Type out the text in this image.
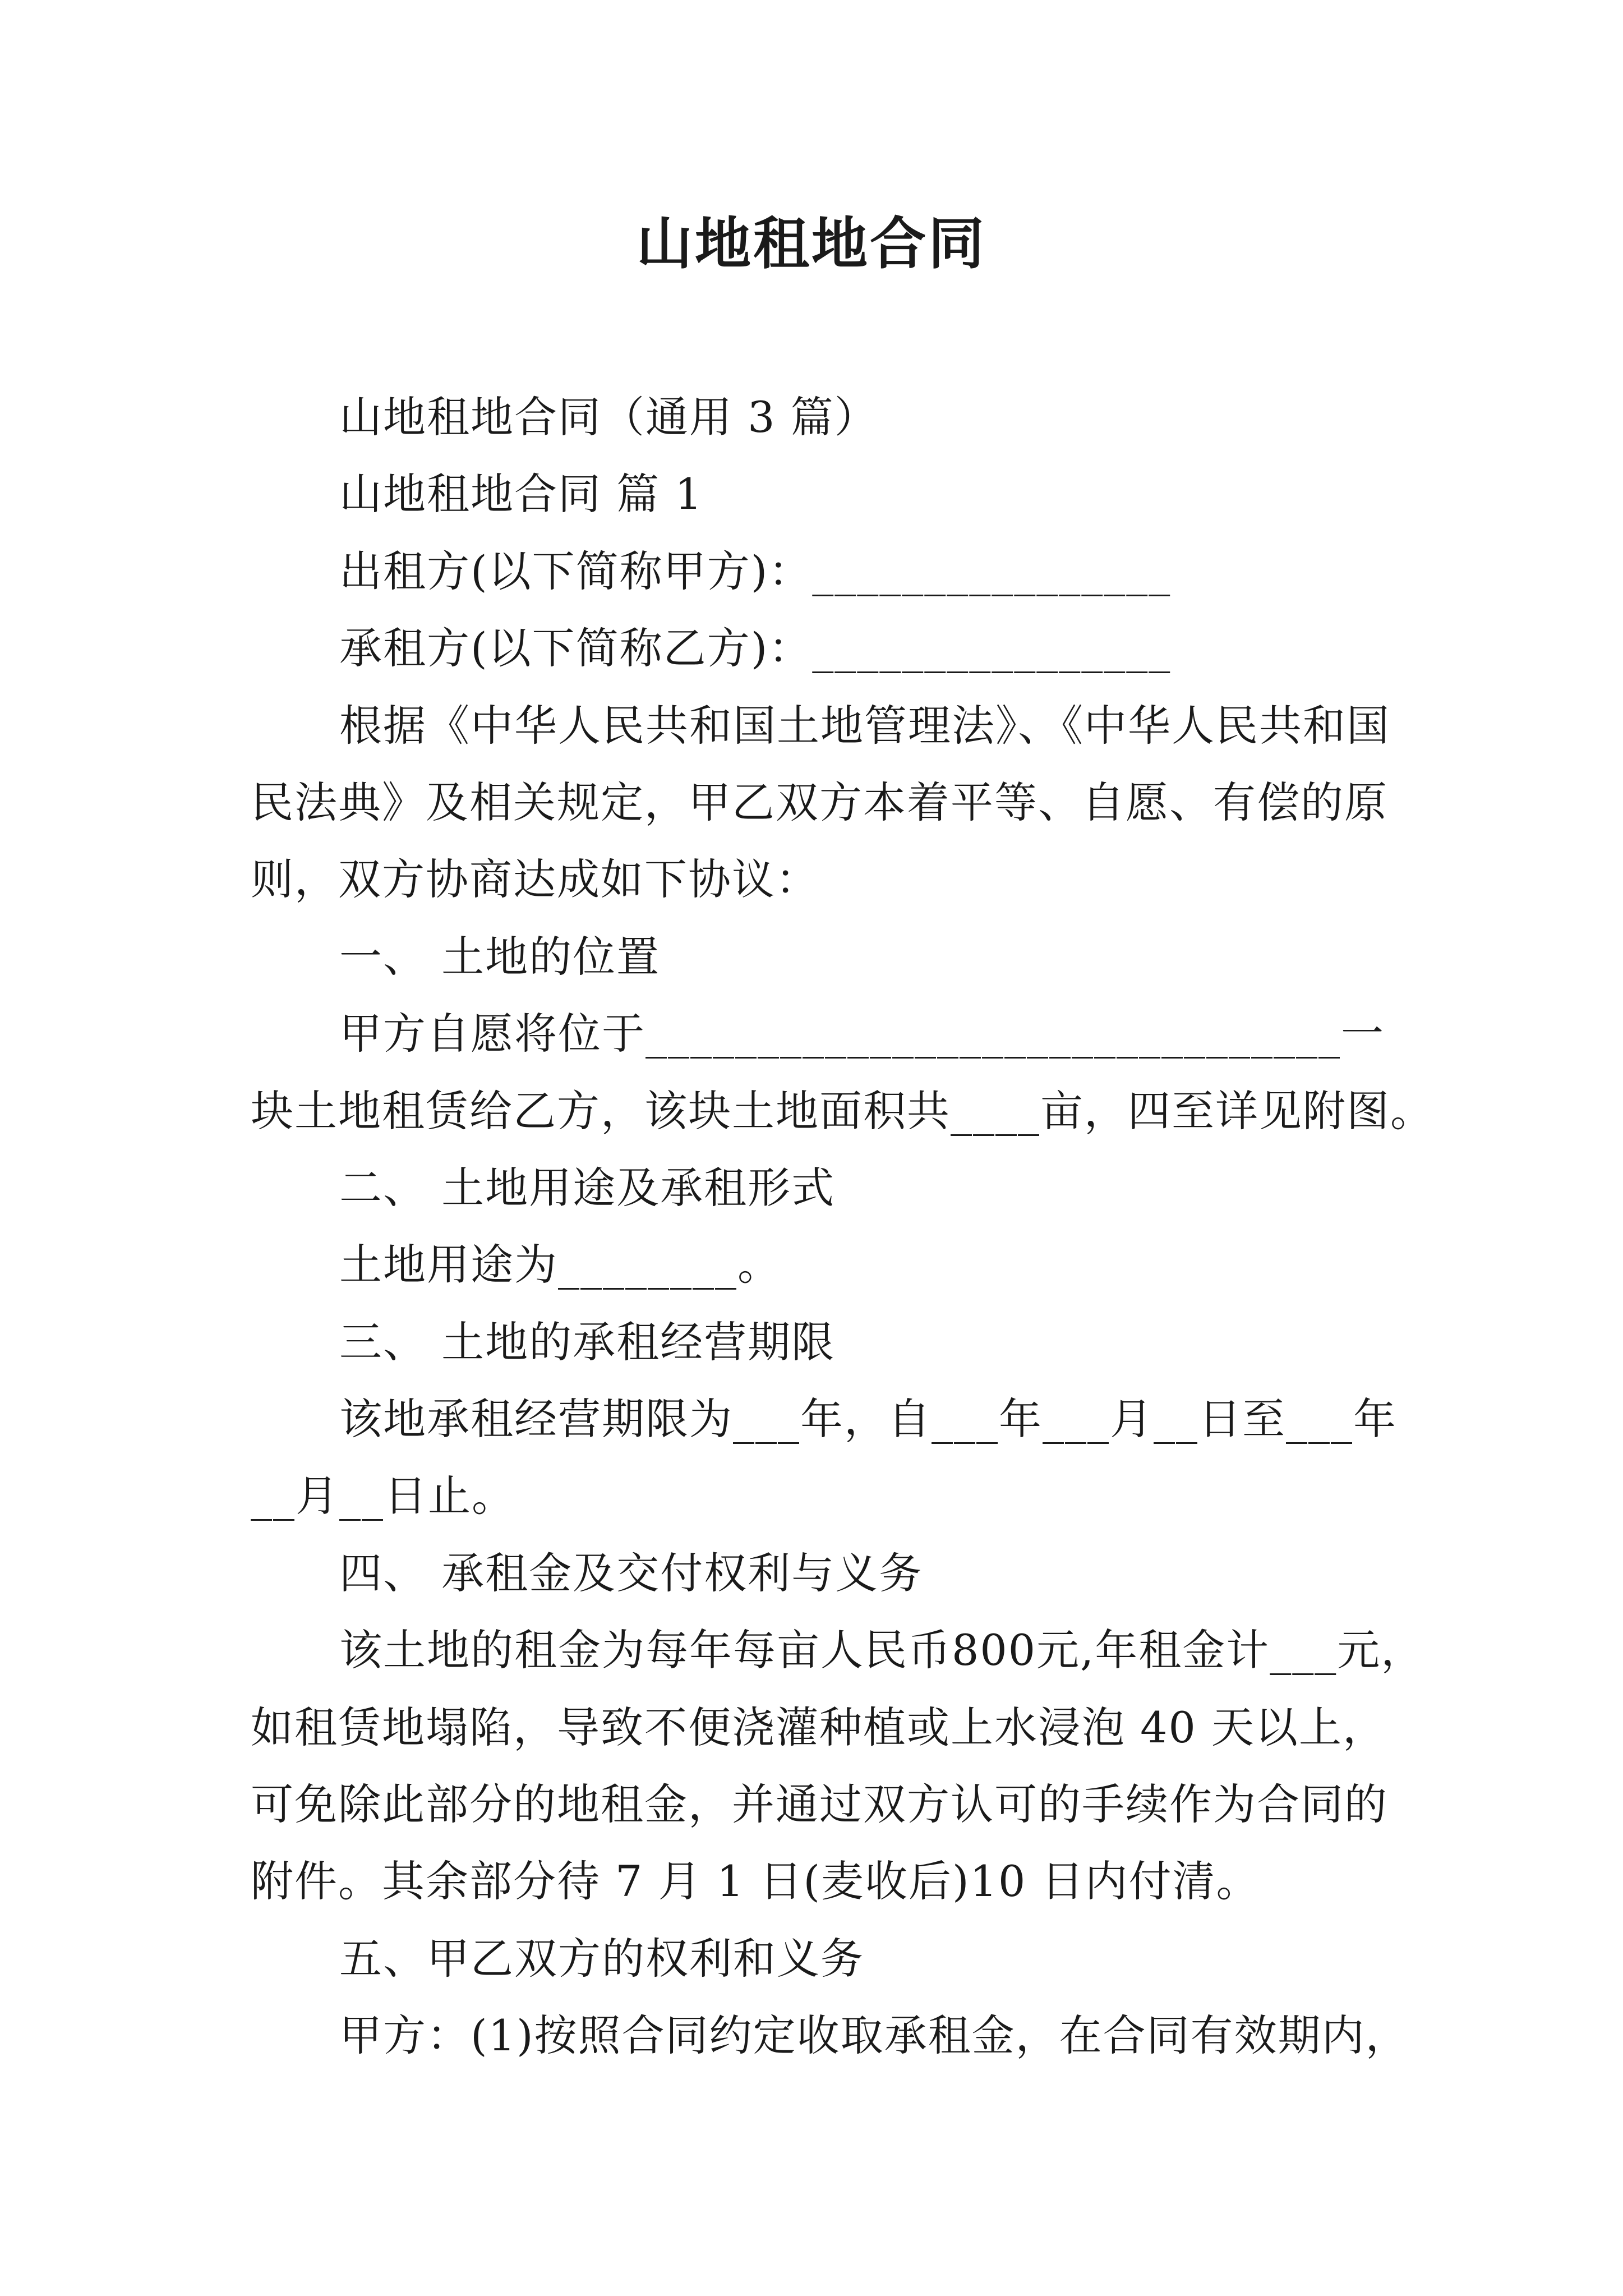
山地租地合同
山地租地合同（通用 3 篇）
山地租地合同 篇 1
出租方(以下简称甲方)：________________
承租方(以下简称乙方)：________________
根据《中华人民共和国土地管理法》、《中华人民共和国
民法典》及相关规定，甲乙双方本着平等、自愿、有偿的原
则，双方协商达成如下协议：
一、 土地的位置
甲方自愿将位于_______________________________一
块土地租赁给乙方，该块土地面积共____亩，四至详见附图。
二、 土地用途及承租形式
土地用途为________。
三、 土地的承租经营期限
该地承租经营期限为___年，自___年___月__日至___年
__月__日止。
四、 承租金及交付权利与义务
该土地的租金为每年每亩人民币800元,年租金计___元，
如租赁地塌陷，导致不便浇灌种植或上水浸泡 40 天以上，
可免除此部分的地租金，并通过双方认可的手续作为合同的
附件。其余部分待 7 月 1 日(麦收后)10 日内付清。
五、甲乙双方的权利和义务
甲方：(1)按照合同约定收取承租金，在合同有效期内，
